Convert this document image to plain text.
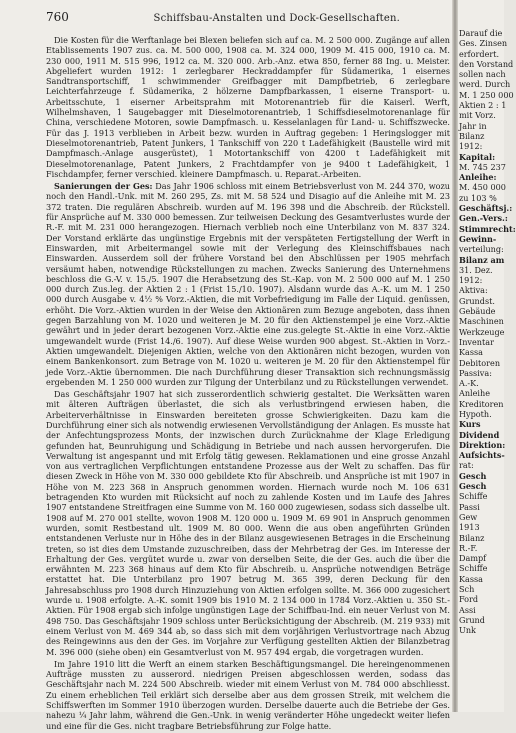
760	Schiffsbau-Anstalten und Dock-Gesellschaften.

Die Kosten für die Werftanlage bei Blexen beliefen sich auf ca. M. 2 500 000. Zugänge auf allen Etablissements 1907 zus. ca. M. 500 000, 1908 ca. M. 324 000, 1909 M. 415 000, 1910 ca. M. 230 000, 1911 M. 515 996, 1912 ca. M. 320 000. Arb.-Anz. etwa 850, ferner 88 Ing. u. Meister. Abgeliefert wurden 1912: 1 zerlegbarer Heckraddampfer für Südamerika, 1 eisernes Sandtransportschiff, 1 schwimmender Greifbagger mit Dampfbetrieb, 6 zerlegbare Leichterfahrzeuge f. Südamerika, 2 hölzerne Dampfbarkassen, 1 eiserne Transport- u. Arbeitsschute, 1 eiserner Arbeitsprahm mit Motorenantrieb für die Kaiserl. Werft, Wilhelmshaven, 1 Saugebagger mit Dieselmotorenantrieb, 1 Schiffsdieselmotorenanlage für China, verschiedene Motoren, sowie Dampfmasch. u. Kesselanlagen für Land- u. Schiffszwecke. Für das J. 1913 verblieben in Arbeit bezw. wurden in Auftrag gegeben: 1 Heringslogger mit Dieselmotorenantrieb, Patent Junkers, 1 Tankschiff von 220 t Ladefähigkeit (Baustelle wird mit Dampfmasch.-Anlage ausgerüstet), 1 Motortankschiff von 4200 t Ladefähigkeit mit Dieselmotorenanlage, Patent Junkers, 2 Frachtdampfer von je 9400 t Ladefähigkeit, 1 Fischdampfer, ferner verschied. kleinere Dampfmasch. u. Reparat.-Arbeiten.

Sanierungen der Ges: Das Jahr 1906 schloss mit einem Betriebsverlust von M. 244 370, wozu noch den Handl.-Unk. mit M. 260 295, Zs. mit M. 58 524 und Disagio auf die Anleihe mit M. 23 372 traten. Die regulären Abschreib. wurden auf M. 196 398 und die Abschreib. der Rückstell. für Ansprüche auf M. 330 000 bemessen. Zur teilweisen Deckung des Gesamtverlustes wurde der R.-F. mit M. 231 000 herangezogen. Hiernach verblieb noch eine Unterbilanz von M. 837 324. Der Vorstand erklärte das ungünstige Ergebnis mit der verspäteten Fertigstellung der Werft in Einswarden, mit Arbeitermangel sowie mit der Verlegung des Kleinschiffsbaues nach Einswarden. Ausserdem soll der frühere Vorstand bei den Abschlüssen per 1905 mehrfach versäumt haben, notwendige Rückstellungen zu machen. Zwecks Sanierung des Unternehmens beschloss die G.-V. v. 15./5. 1907 die Herabsetzung des St.-Kap. von M. 2 500 000 auf M. 1 250 000 durch Zus.leg. der Aktien 2 : 1 (Frist 15./10. 1907). Alsdann wurde das A.-K. um M. 1 250 000 durch Ausgabe v. 4½ % Vorz.-Aktien, die mit Vorbefriedigung im Falle der Liquid. genüssen, erhöht. Die Vorz.-Aktien wurden in der Weise den Aktionären zum Bezuge angeboten, dass ihnen gegen Barzahlung von M. 1020 und weiteren je M. 20 für den Aktienstempel je eine Vorz.-Aktie gewährt und in jeder derart bezogenen Vorz.-Aktie eine zus.gelegte St.-Aktie in eine Vorz.-Aktie umgewandelt wurde (Frist 14./6. 1907). Auf diese Weise wurden 900 abgest. St.-Aktien in Vorz.-Aktien umgewandelt. Diejenigen Aktien, welche von den Aktionären nicht bezogen, wurden von einem Bankenkonsort. zum Betrage von M. 1020 u. weiteren je M. 20 für den Aktienstempel für jede Vorz.-Aktie übernommen. Die nach Durchführung dieser Transaktion sich rechnungsmässig ergebenden M. 1 250 000 wurden zur Tilgung der Unterbilanz und zu Rückstellungen verwendet.

Das Geschäftsjahr 1907 hat sich zusserordentlich schwierig gestaltet. Die Werksätten waren mit älteren Aufträgen überlastet, die sich als verlustbringend erwiesen haben, die Arbeiterverhältnisse in Einswarden bereiteten grosse Schwierigkeiten. Dazu kam die Durchführung einer sich als notwendig erwiesenen Vervollständigung der Anlagen. Es musste hat der Anfechtungsprozess Monts, der inzwischen durch Zurücknahme der Klage Erledigung gefunden hat, Beunruhigung und Schädigung in Betriebe und nach aussen hervorgerufen. Die Verwaltung ist angespannt und mit Erfolg tätig gewesen. Reklamationen und eine grosse Anzahl von aus vertraglichen Verpflichtungen entstandene Prozesse aus der Welt zu schaffen. Das für diesen Zweck in Höhe von M. 330 000 gebildete Kto für Abschreib. und Ansprüche ist mit 1907 in Höhe von M. 223 368 in Anspruch genommen worden. Hiernach wurde noch M. 106 631 betragenden Kto wurden mit Rücksicht auf noch zu zahlende Kosten und im Laufe des Jahres 1907 entstandene Streitfragen eine Summe von M. 160 000 zugewiesen, sodass sich dasselbe ult. 1908 auf M. 270 001 stellte, wovon 1908 M. 120 000 u. 1909 M. 69 901 in Anspruch genommen wurden, somit Restbestand ult. 1909 M. 80 000. Wenn die aus oben angeführten Gründen entstandenen Verluste nur in Höhe des in der Bilanz ausgewiesenen Betrages in die Erscheinung treten, so ist dies dem Umstande zuzuschreiben, dass der Mehrbetrag der Ges. im Interesse der Erhaltung der Ges. vergütet wurde u. zwar von derselben Seite, die der Ges. auch die über die erwähnten M. 223 368 hinaus auf dem Kto für Abschreib. u. Ansprüche notwendigen Beträge erstattet hat. Die Unterbilanz pro 1907 betrug M. 365 399, deren Deckung für den Jahresabschluss pro 1908 durch Hinzuziehung von Aktien erfolgen sollte. M. 366 000 zugesichert wurde u. 1908 erfolgte. A.-K. somit 1909 bis 1910 M. 2 134 000 in 1784 Vorz.-Aktien u. 350 St.-Aktien. Für 1908 ergab sich infolge ungünstigen Lage der Schiffbau-Ind. ein neuer Verlust von M. 498 750. Das Geschäftsjahr 1909 schloss unter Berücksichtigung der Abschreib. (M. 219 933) mit einem Verlust von M. 469 344 ab, so dass sich mit dem vorjährigen Verlustvortrage nach Abzug des Reingewinns aus den der Ges. im Vorjahre zur Verfügung gestellten Aktien der Bilanzbetrag M. 396 000 (siehe oben) ein Gesamtverlust von M. 957 494 ergab, die vorgetragen wurden.

Im Jahre 1910 litt die Werft an einem starken Beschäftigungsmangel. Die hereingenommenen Aufträge mussten zu ausserord. niedrigen Preisen abgeschlossen werden, sodass das Geschäftsjahr nach M. 224 500 Abschreib. wieder mit einem Verlust von M. 784 000 abschliesst. Zu einem erheblichen Teil erklärt sich derselbe aber aus dem grossen Streik, mit welchem die Schiffswerften im Sommer 1910 überzogen wurden. Derselbe dauerte auch die Betriebe der Ges. nahezu ¼ Jahr lahm, während die Gen.-Unk. in wenig veränderter Höhe ungedeckt weiter liefen und eine für die Ges. nicht tragbare Betriebsführung zur Folge hatte.

Darauf die
Ges. Zinsen
erfordert.
den Vorstand
sollen nach
werd. Durch
M. 1 250 000
Aktien 2 : 1
mit Vorz.
Jahr in
Bilanz
1912:
Kapital:
M. 745 237
Anleihe:
M. 450 000
zu 103 %
Geschäftsj.:
Gen.-Vers.:
Stimmrecht:
Gewinn-
verteilung:
Bilanz am
31. Dez.
1912:
Aktiva:
Grundst.
Gebäude
Maschinen
Werkzeuge
Inventar
Kassa
Debitoren
Passiva:
A.-K.
Anleihe
Kreditoren
Hypoth.
Kurs
Dividend
Direktion:
Aufsichts-
rat:
Gesch
Gesch
Schiffe
Passi
Gew
1913
Bilanz
R.-F.
Dampf
Schiffe
Kassa
Sch
Ford
Assi
Grund
Unk
